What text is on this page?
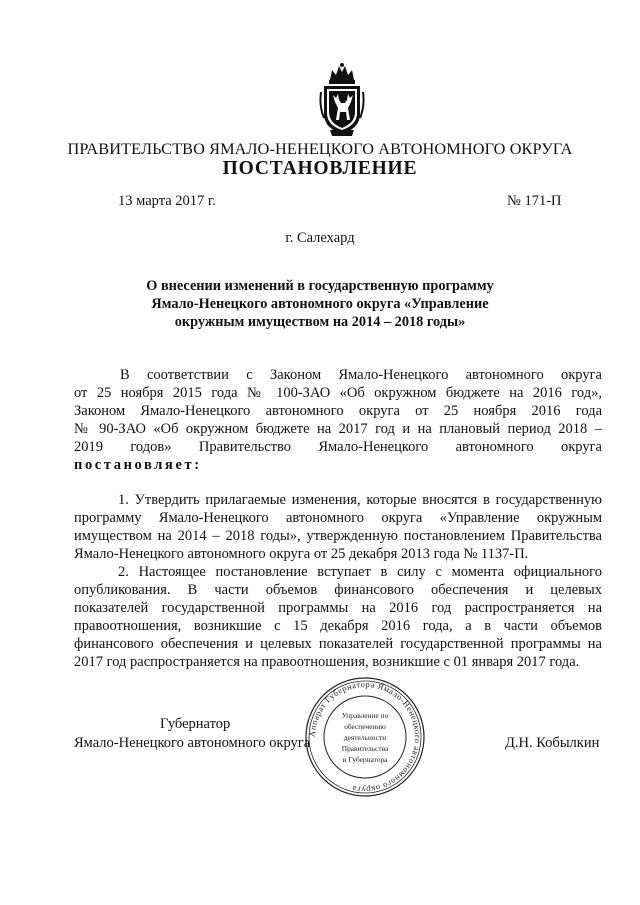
ПРАВИТЕЛЬСТВО ЯМАЛО-НЕНЕЦКОГО АВТОНОМНОГО ОКРУГА
ПОСТАНОВЛЕНИЕ
13 марта 2017 г.	№ 171-П
г. Салехард
О внесении изменений в государственную программу
Ямало-Ненецкого автономного округа «Управление
окружным имуществом на 2014 – 2018 годы»
В соответствии с Законом Ямало-Ненецкого автономного округа
от 25 ноября 2015 года № 100-ЗАО «Об окружном бюджете на 2016 год»,
Законом Ямало-Ненецкого автономного округа от 25 ноября 2016 года
№ 90-ЗАО «Об окружном бюджете на 2017 год и на плановый период 2018 –
2019 годов» Правительство Ямало-Ненецкого автономного округа
постановляет:
1. Утвердить прилагаемые изменения, которые вносятся в государственную
программу Ямало-Ненецкого автономного округа «Управление окружным
имуществом на 2014 – 2018 годы», утвержденную постановлением Правительства
Ямало-Ненецкого автономного округа от 25 декабря 2013 года № 1137-П.
2. Настоящее постановление вступает в силу с момента официального
опубликования. В части объемов финансового обеспечения и целевых
показателей государственной программы на 2016 год распространяется на
правоотношения, возникшие с 15 декабря 2016 года, а в части объемов
финансового обеспечения и целевых показателей государственной программы на
2017 год распространяется на правоотношения, возникшие с 01 января 2017 года.
Губернатор
Ямало-Ненецкого автономного округа	Д.Н. Кобылкин
Аппарат Губернатора Ямало-Ненецкого автономного округа
Управление по
обеспечению
деятельности
Правительства
и Губернатора
